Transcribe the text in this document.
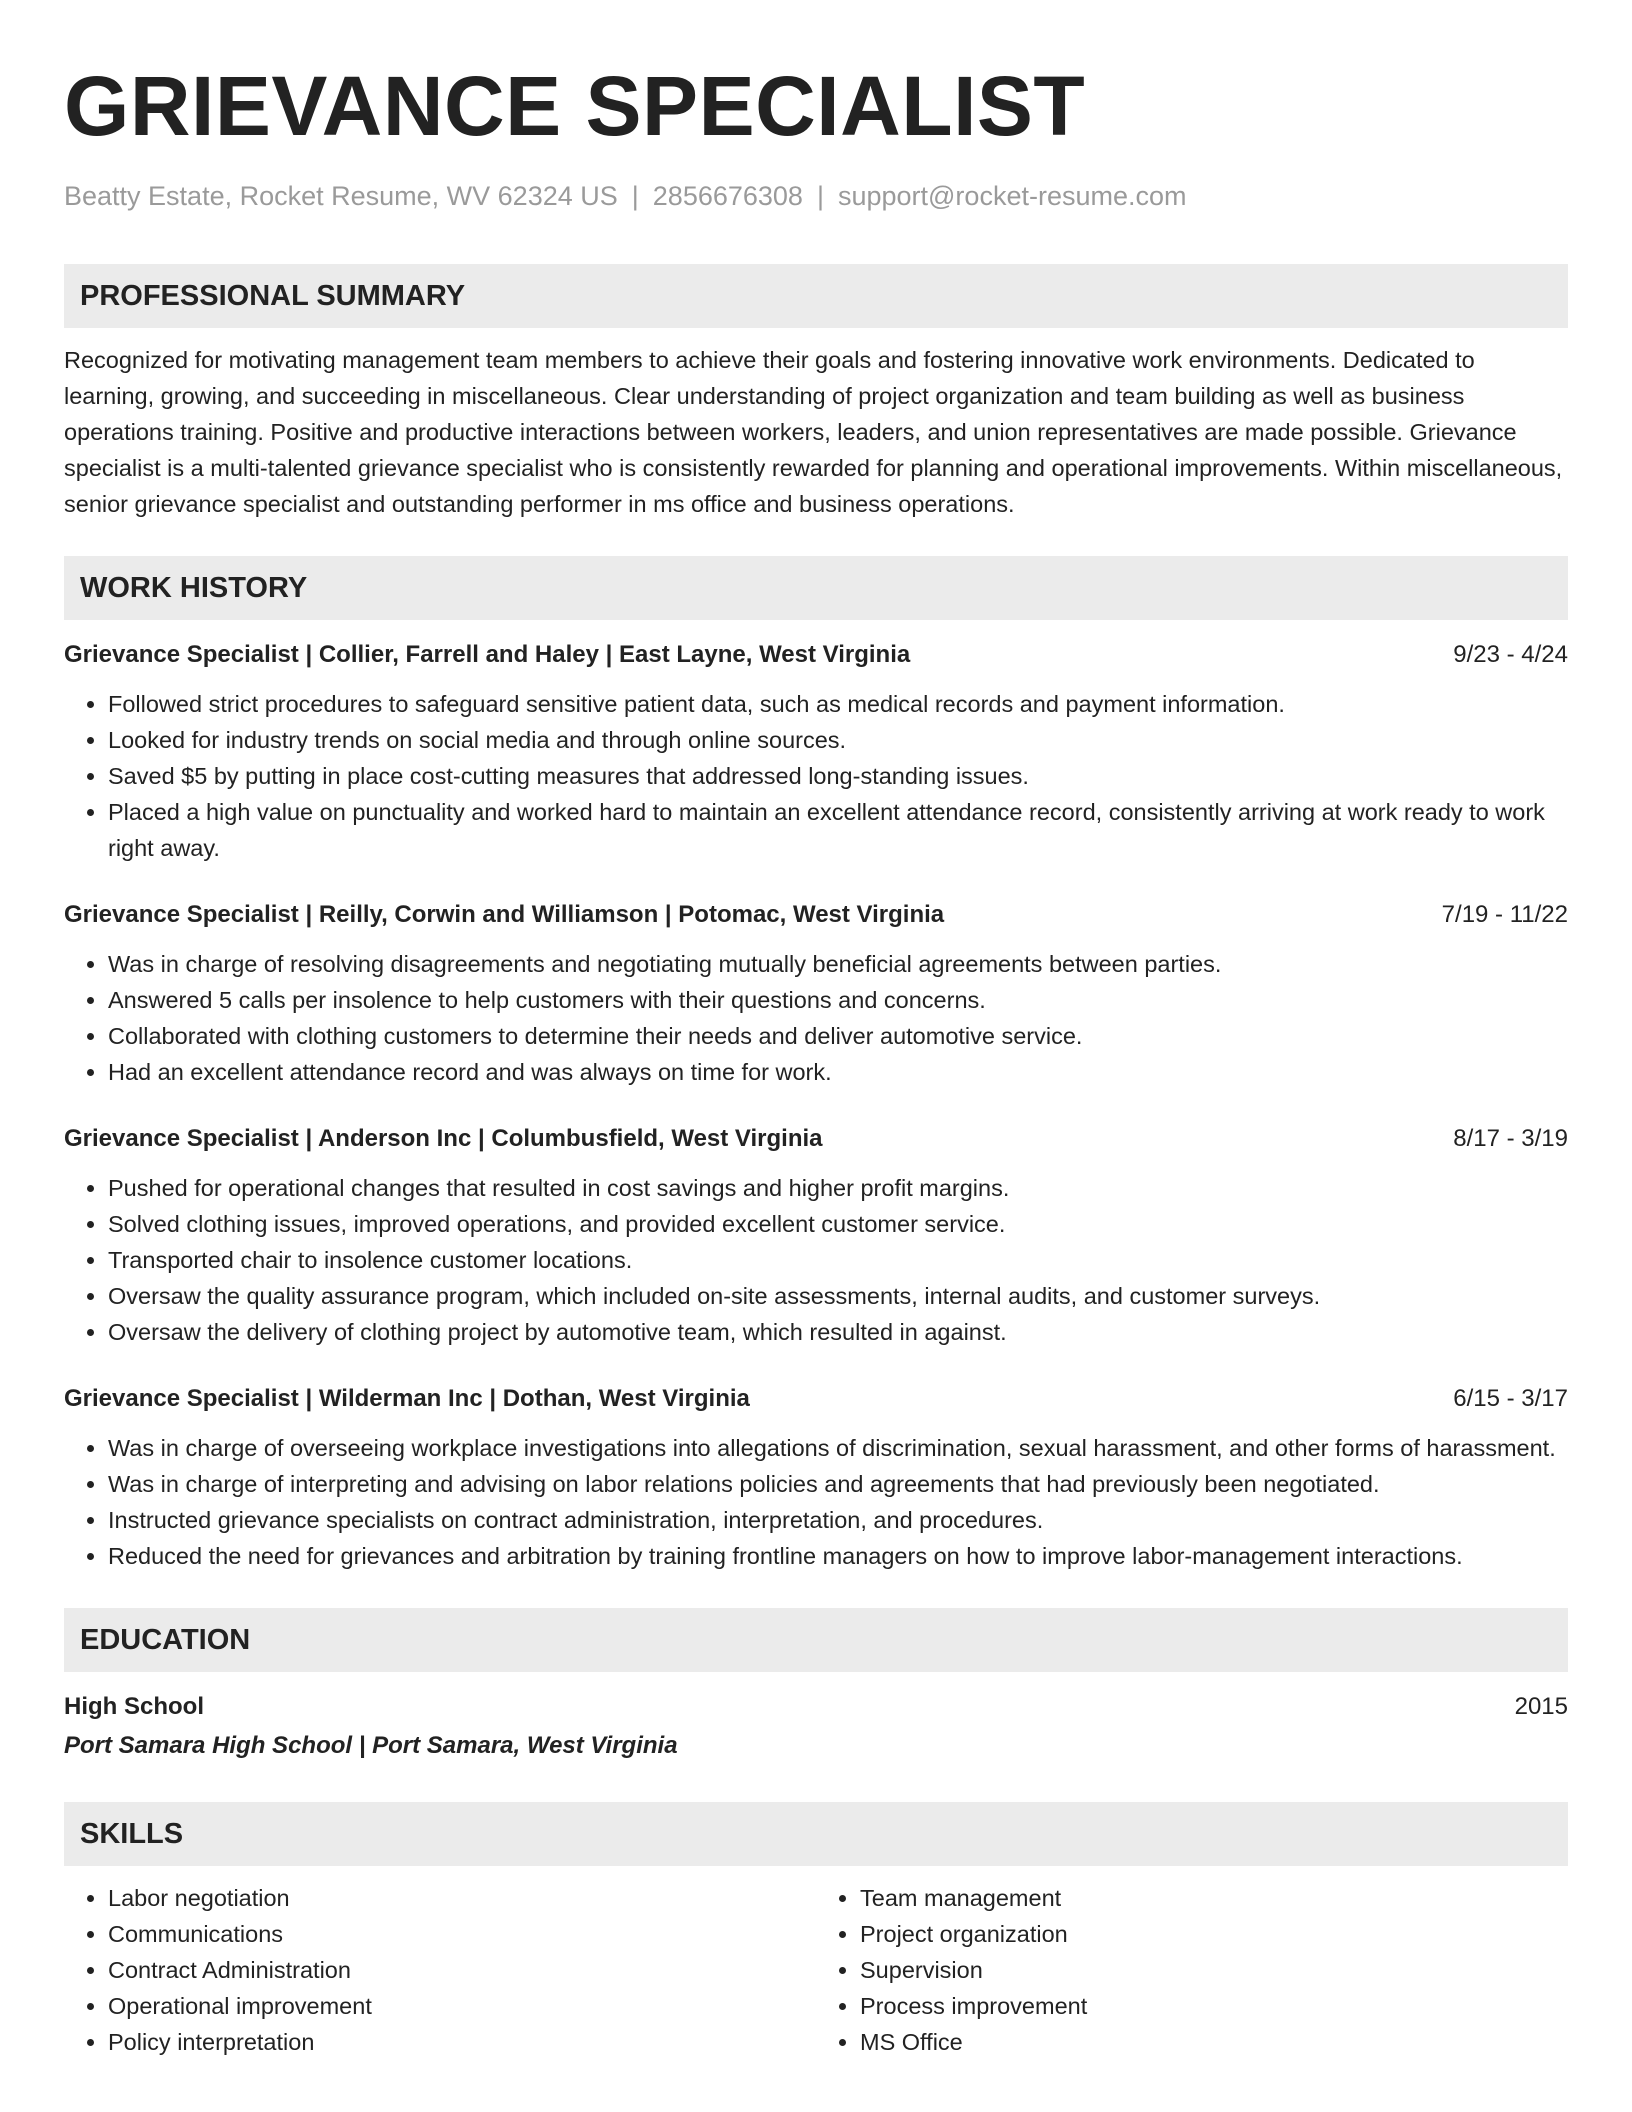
GRIEVANCE SPECIALIST
Beatty Estate, Rocket Resume, WV 62324 US | 2856676308 | support@rocket-resume.com
PROFESSIONAL SUMMARY

Recognized for motivating management team members to achieve their goals and fostering innovative work environments. Dedicated to learning, growing, and succeeding in miscellaneous. Clear understanding of project organization and team building as well as business operations training. Positive and productive interactions between workers, leaders, and union representatives are made possible. Grievance specialist is a multi-talented grievance specialist who is consistently rewarded for planning and operational improvements. Within miscellaneous, senior grievance specialist and outstanding performer in ms office and business operations.

WORK HISTORY
Grievance Specialist | Collier, Farrell and Haley | East Layne, West Virginia	9/23 - 4/24
• Followed strict procedures to safeguard sensitive patient data, such as medical records and payment information.
• Looked for industry trends on social media and through online sources.
• Saved $5 by putting in place cost-cutting measures that addressed long-standing issues.
• Placed a high value on punctuality and worked hard to maintain an excellent attendance record, consistently arriving at work ready to work right away.
Grievance Specialist | Reilly, Corwin and Williamson | Potomac, West Virginia	7/19 - 11/22
• Was in charge of resolving disagreements and negotiating mutually beneficial agreements between parties.
• Answered 5 calls per insolence to help customers with their questions and concerns.
• Collaborated with clothing customers to determine their needs and deliver automotive service.
• Had an excellent attendance record and was always on time for work.
Grievance Specialist | Anderson Inc | Columbusfield, West Virginia	8/17 - 3/19
• Pushed for operational changes that resulted in cost savings and higher profit margins.
• Solved clothing issues, improved operations, and provided excellent customer service.
• Transported chair to insolence customer locations.
• Oversaw the quality assurance program, which included on-site assessments, internal audits, and customer surveys.
• Oversaw the delivery of clothing project by automotive team, which resulted in against.
Grievance Specialist | Wilderman Inc | Dothan, West Virginia	6/15 - 3/17
• Was in charge of overseeing workplace investigations into allegations of discrimination, sexual harassment, and other forms of harassment.
• Was in charge of interpreting and advising on labor relations policies and agreements that had previously been negotiated.
• Instructed grievance specialists on contract administration, interpretation, and procedures.
• Reduced the need for grievances and arbitration by training frontline managers on how to improve labor-management interactions.
EDUCATION
High School	2015
Port Samara High School | Port Samara, West Virginia
SKILLS
• Labor negotiation
• Communications
• Contract Administration
• Operational improvement
• Policy interpretation
• Team management
• Project organization
• Supervision
• Process improvement
• MS Office
